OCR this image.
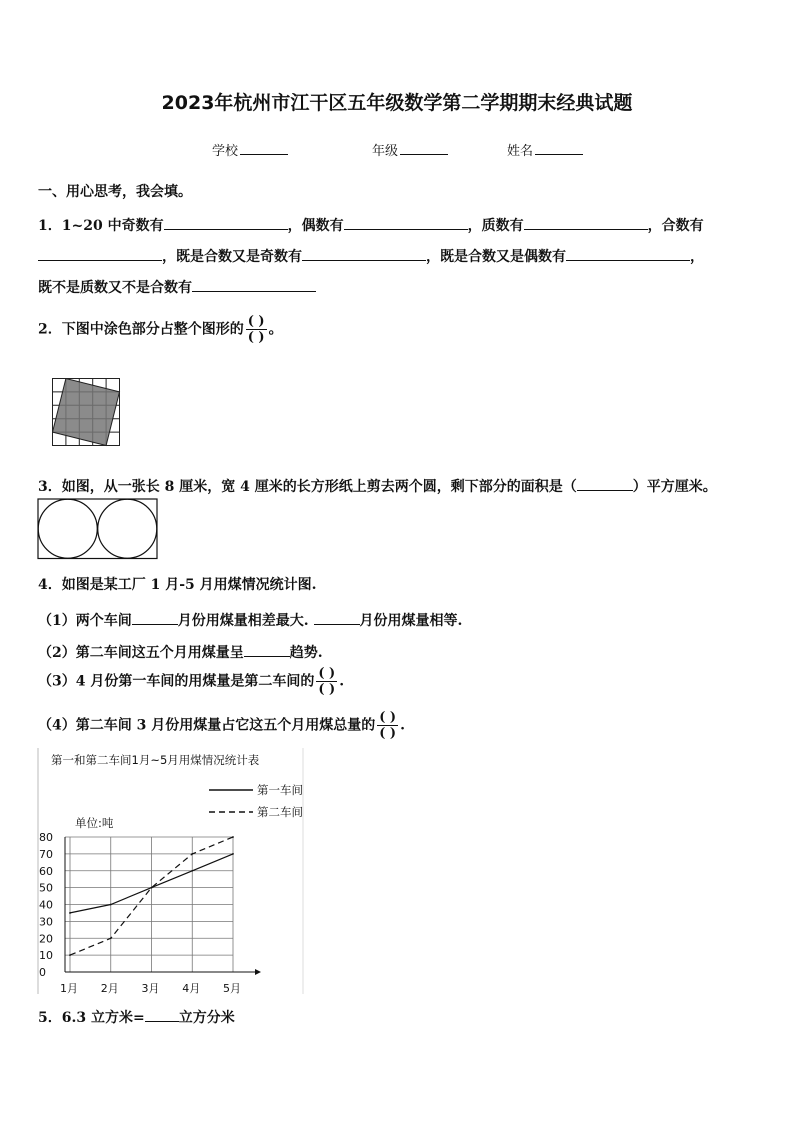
2023年杭州市江干区五年级数学第二学期期末经典试题
学校	年级	姓名
一、用心思考，我会填。
1．1~20 中奇数有	，偶数有	，质数有	，合数有
，既是合数又是奇数有	，既是合数又是偶数有	，
既不是质数又不是合数有
2．下图中涂色部分占整个图形的 $\frac{( )}{( )}$ 。
3．如图，从一张长 8 厘米，宽 4 厘米的长方形纸上剪去两个圆，剩下部分的面积是（	）平方厘米。
4．如图是某工厂 1 月-5 月用煤情况统计图.
（1）两个车间	月份用煤量相差最大.	月份用煤量相等.
（2）第二车间这五个月用煤量呈	趋势.
（3）4 月份第一车间的用煤量是第二车间的 $\frac{( )}{( )}$ .
（4）第二车间 3 月份用煤量占它这五个月用煤总量的 $\frac{( )}{( )}$ .
第一和第二车间1月~5月用煤情况统计表
第一车间
第二车间
单位:吨
0
10
20
30
40
50
60
70
80
1月 2月 3月 4月 5月
5．6.3 立方米= 立方分米
